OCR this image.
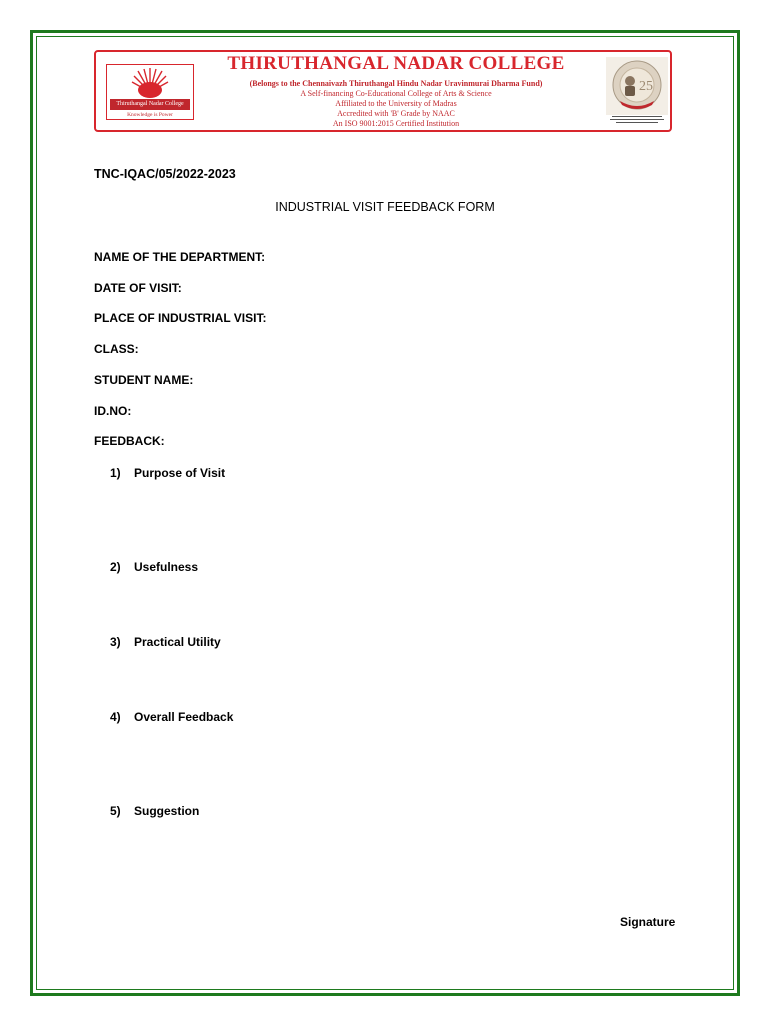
Thiruthangal Nadar College
Knowledge is Power
THIRUTHANGAL NADAR COLLEGE
(Belongs to the Chennaivazh Thiruthangal Hindu Nadar Uravinmurai Dharma Fund)
A Self-financing Co-Educational College of Arts & Science
Affiliated to the University of Madras
Accredited with 'B' Grade by NAAC
An ISO 9001:2015 Certified Institution
25
TNC-IQAC/05/2022-2023
INDUSTRIAL VISIT FEEDBACK FORM
NAME OF THE DEPARTMENT:
DATE OF VISIT:
PLACE OF INDUSTRIAL VISIT:
CLASS:
STUDENT NAME:
ID.NO:
FEEDBACK:
1) Purpose of Visit
2) Usefulness
3) Practical Utility
4) Overall Feedback
5) Suggestion
Signature
